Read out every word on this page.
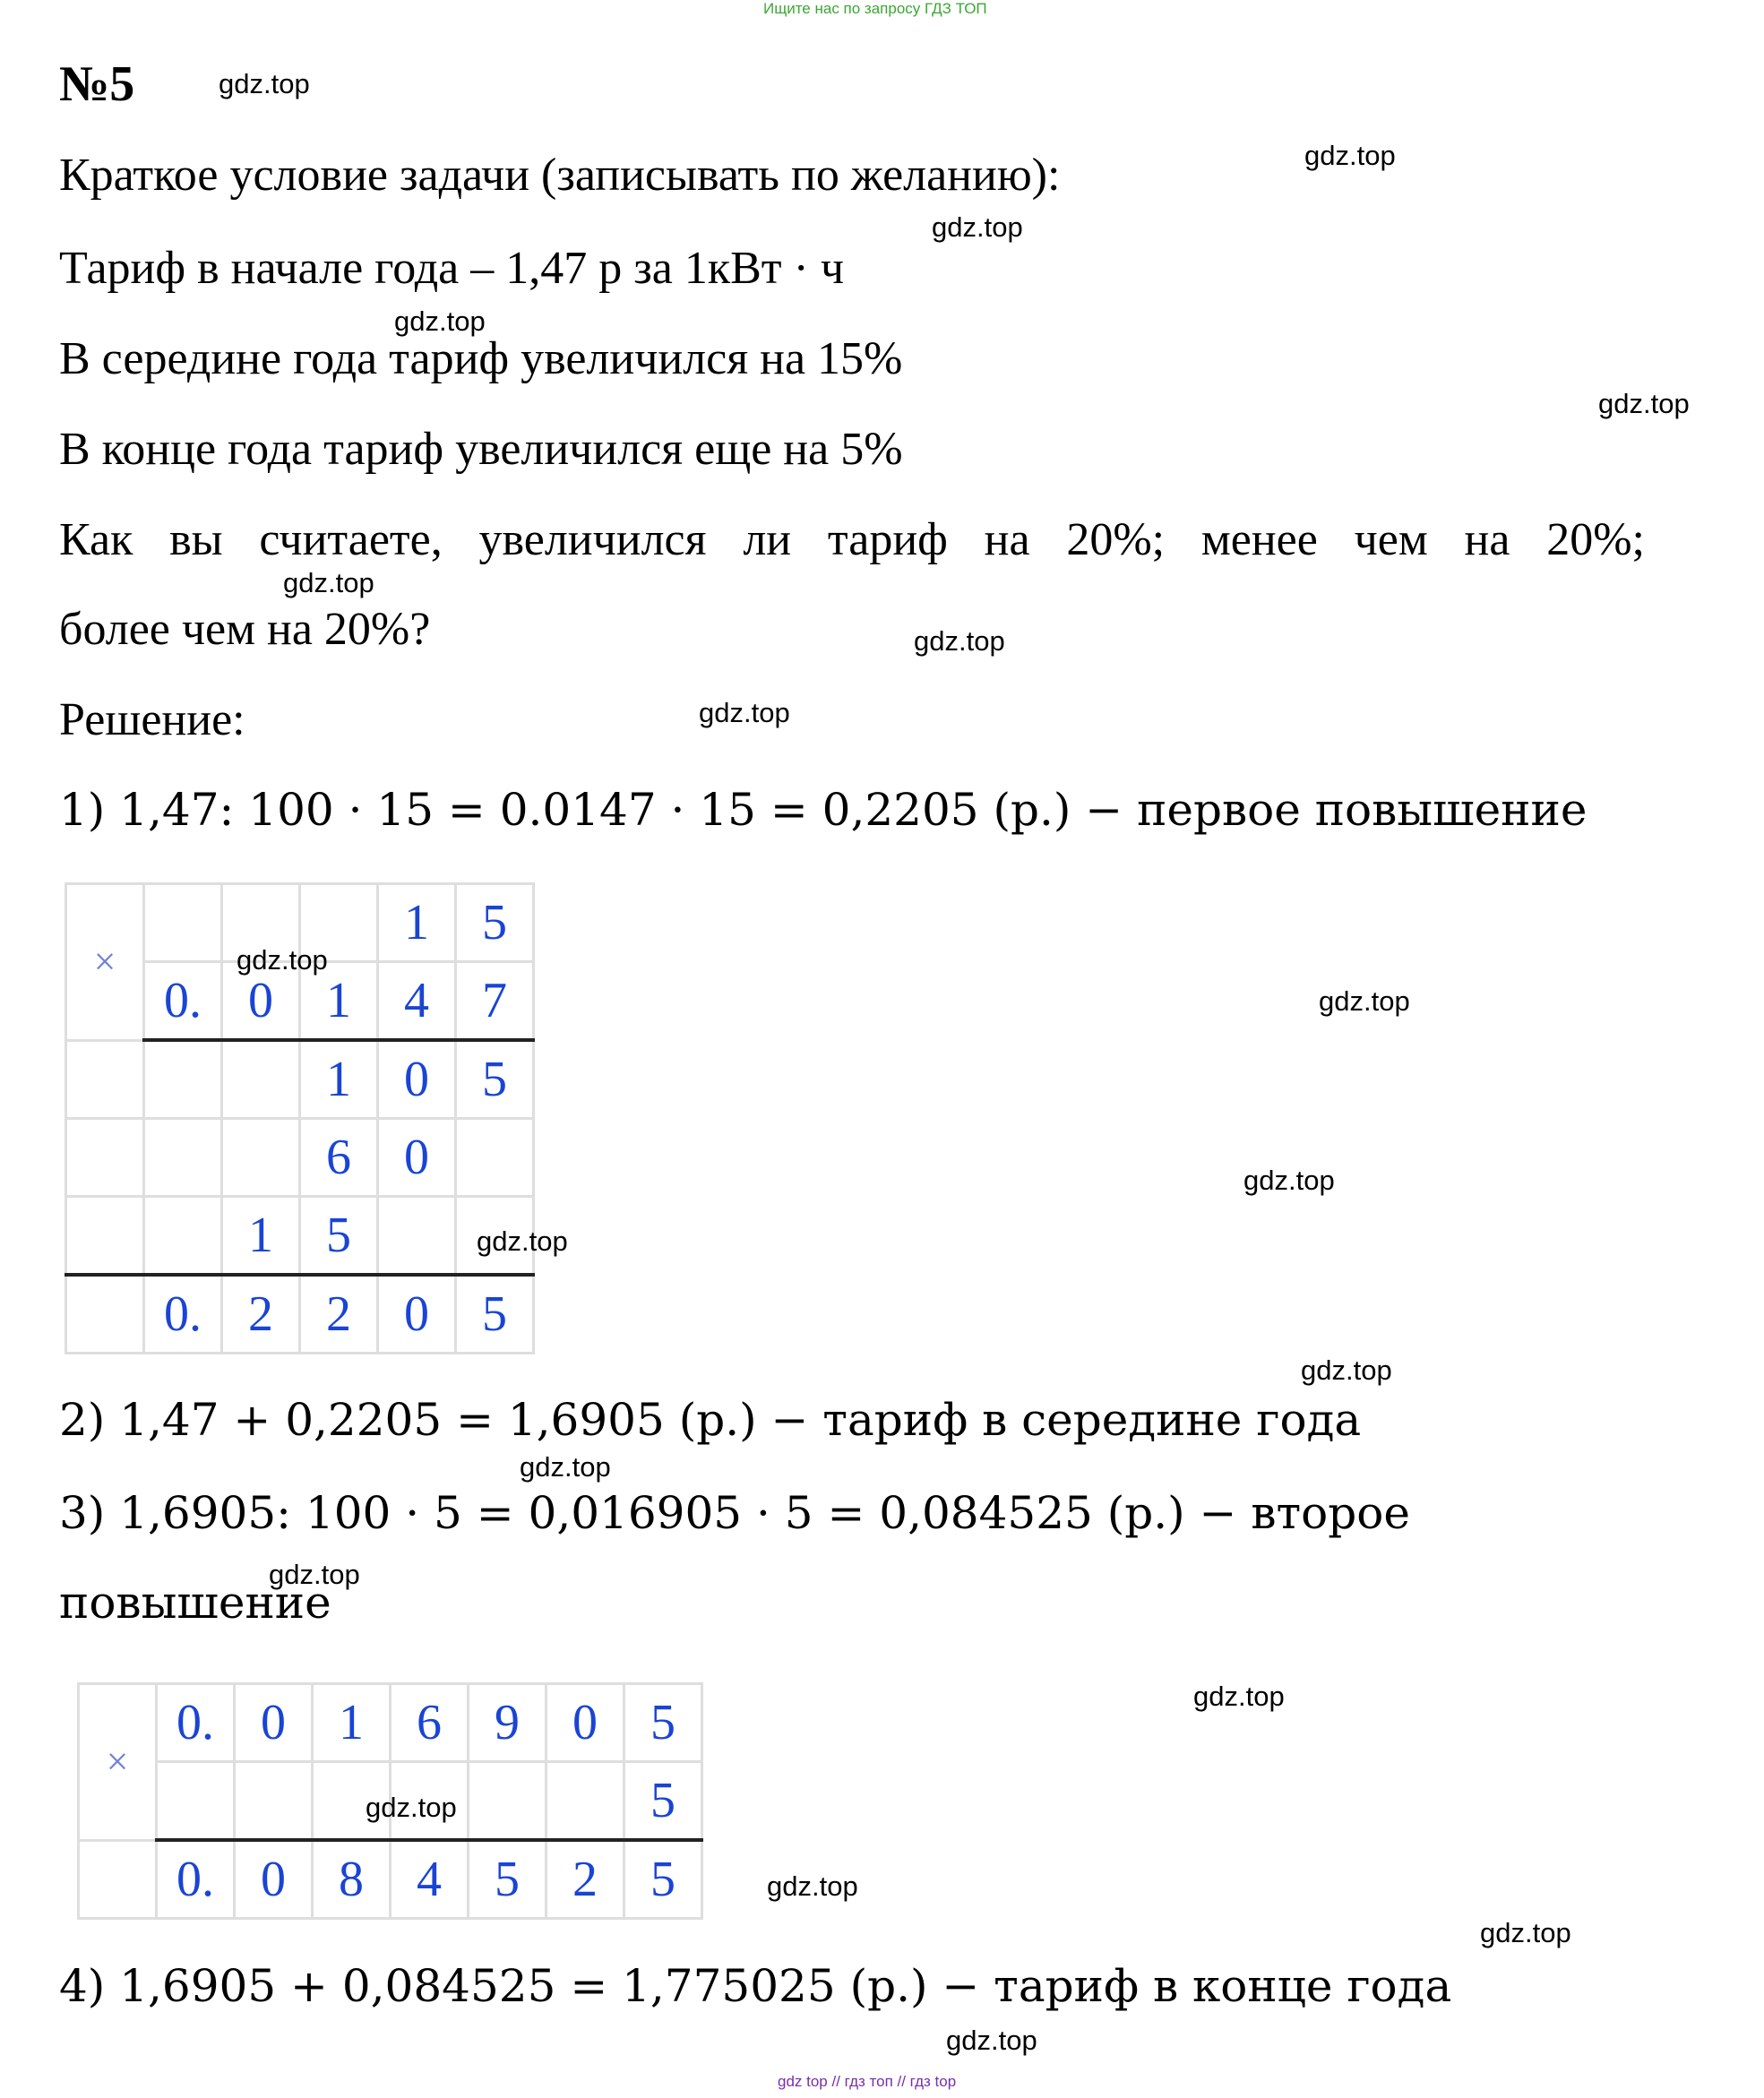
Ищите нас по запросу ГДЗ ТОП
№5
Краткое условие задачи (записывать по желанию):
Тариф в начале года – 1,47 р за 1кВт · ч
В середине года тариф увеличился на 15%
В конце года тариф увеличился еще на 5%
Как вы считаете, увеличился ли тариф на 20%; менее чем на 20%;
более чем на 20%?
Решение:
1) 1,47: 100 · 15 = 0.0147 · 15 = 0,2205 (р.) − первое повышение
×				1	5
	0.	0	1	4	7
			1	0	5
			6	0	
		1	5		
	0.	2	2	0	5
2) 1,47 + 0,2205 = 1,6905 (р.) − тариф в середине года
3) 1,6905: 100 · 5 = 0,016905 · 5 = 0,084525 (р.) − второе
повышение
×	0.	0	1	6	9	0	5
							5
	0.	0	8	4	5	2	5
4) 1,6905 + 0,084525 = 1,775025 (р.) − тариф в конце года
gdz.top
gdz.top
gdz.top
gdz.top
gdz.top
gdz.top
gdz.top
gdz.top
gdz.top
gdz.top
gdz.top
gdz.top
gdz.top
gdz.top
gdz.top
gdz.top
gdz.top
gdz.top
gdz.top
gdz.top
gdz top // гдз топ // гдз top
